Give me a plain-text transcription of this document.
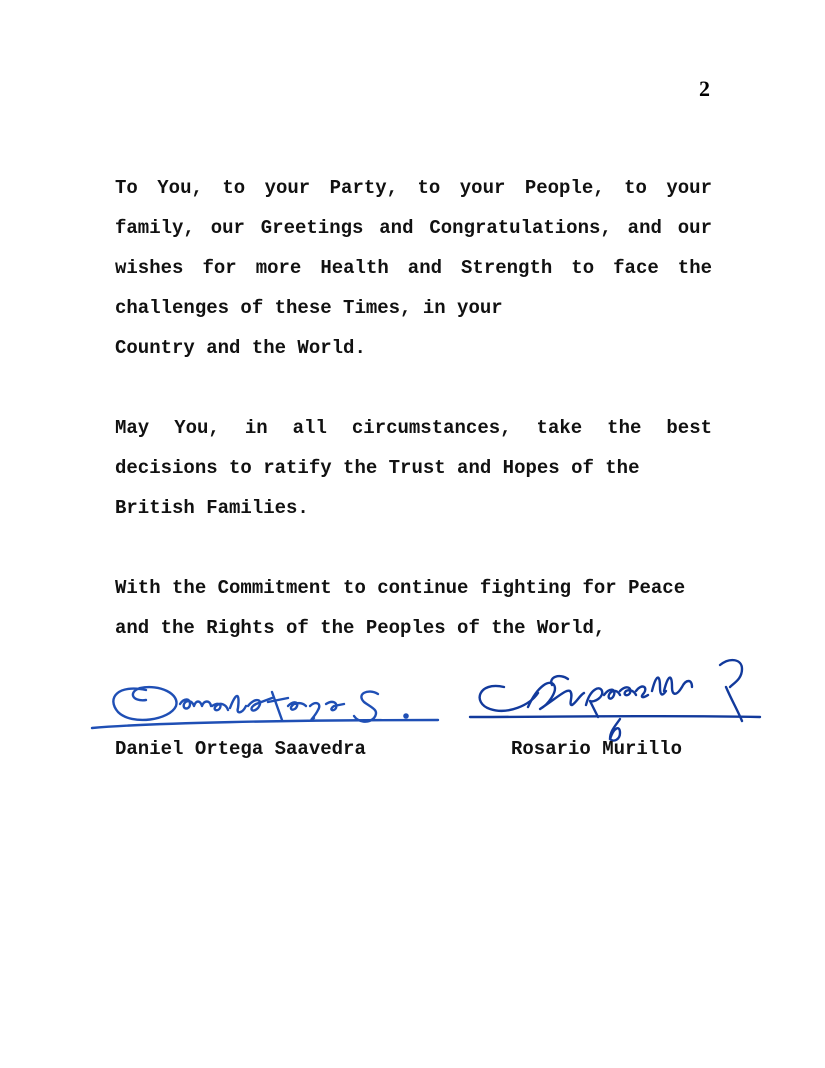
2
To You, to your Party, to your People, to your family, our Greetings and Congratulations, and our wishes for more Health and Strength to face the challenges of these Times, in your
Country and the World.
May You, in all circumstances, take the best decisions to ratify the Trust and Hopes of the
British Families.
With the Commitment to continue fighting for Peace
and the Rights of the Peoples of the World,
Daniel Ortega Saavedra	Rosario Murillo
